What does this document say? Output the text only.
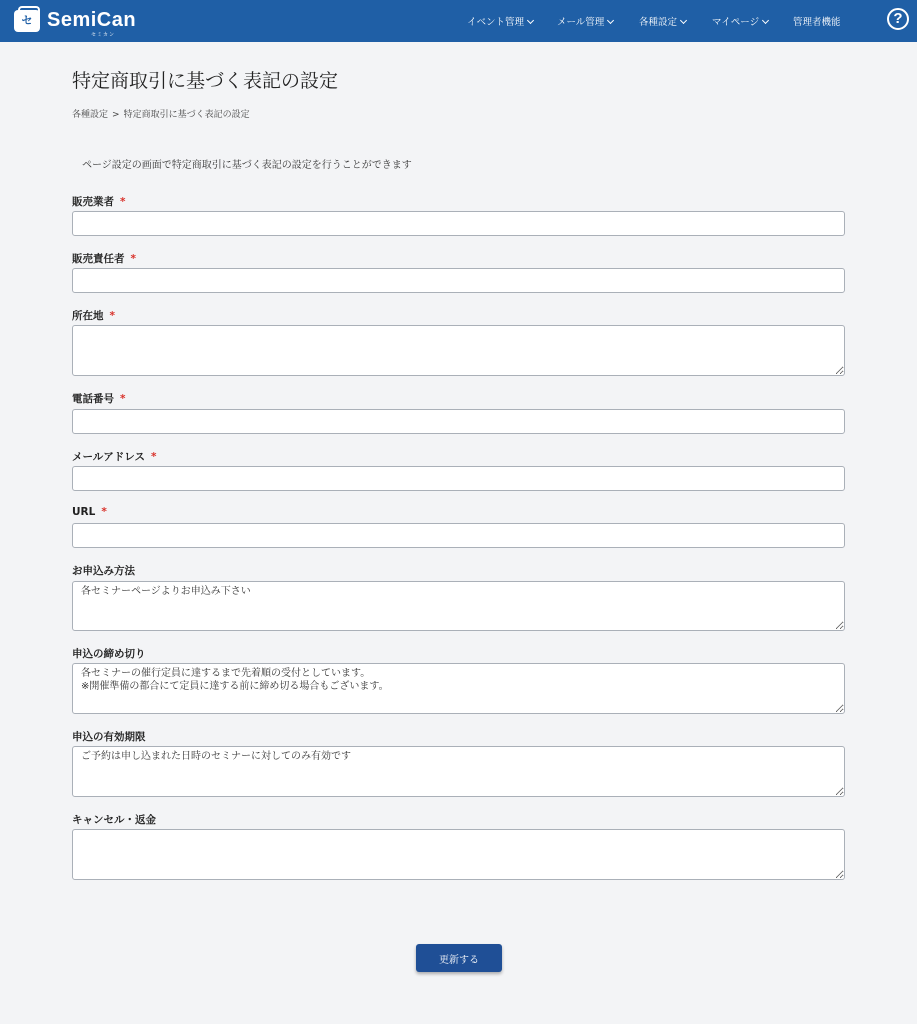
セ SemiCan
セミカン
イベント管理	メール管理	各種設定	マイページ	管理者機能	?
特定商取引に基づく表記の設定
各種設定 > 特定商取引に基づく表記の設定
ページ設定の画面で特定商取引に基づく表記の設定を行うことができます
販売業者 *
販売責任者 *
所在地 *
電話番号 *
メールアドレス *
URL *
お申込み方法
各セミナーページよりお申込み下さい
申込の締め切り
各セミナーの催行定員に達するまで先着順の受付としています。 ※開催準備の都合にて定員に達する前に締め切る場合もございます。
申込の有効期限
ご予約は申し込まれた日時のセミナーに対してのみ有効です
キャンセル・返金
更新する
